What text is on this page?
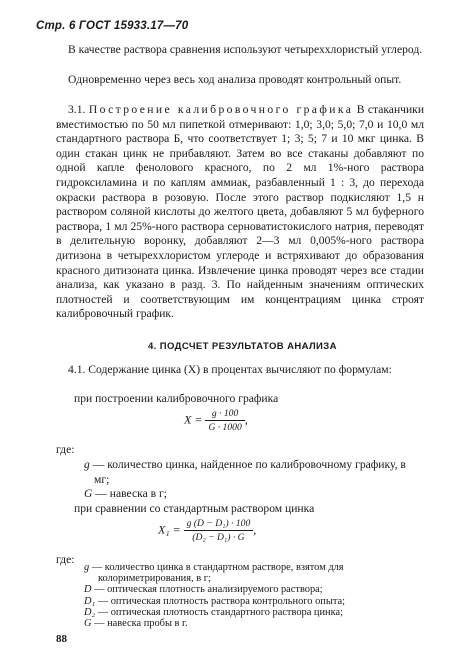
Стр. 6 ГОСТ 15933.17—70
В качестве раствора сравнения используют четыреххлористый углерод.
Одновременно через весь ход анализа проводят контрольный опыт.
3.1. Построение калибровочного графика В стаканчики вместимостью по 50 мл пипеткой отмеривают: 1,0; 3,0; 5,0; 7,0 и 10,0 мл стандартного раствора Б, что соответствует 1; 3; 5; 7 и 10 мкг цинка. В один стакан цинк не прибавляют. Затем во все стаканы добавляют по одной капле фенолового красного, по 2 мл 1%-ного раствора гидроксиламина и по каплям аммиак, разбавленный 1 : 3, до перехода окраски раствора в розовую. После этого раствор подкисляют 1,5 н раствором соляной кислоты до желтого цвета, добавляют 5 мл буферного раствора, 1 мл 25%-ного раствора серноватистокислого натрия, переводят в делительную воронку, добавляют 2—3 мл 0,005%-ного раствора дитизона в четыреххлористом углероде и встряхивают до образования красного дитизоната цинка. Извлечение цинка проводят через все стадии анализа, как указано в разд. 3. По найденным значениям оптических плотностей и соответствующим им концентрациям цинка строят калибровочный график.
4. ПОДСЧЕТ РЕЗУЛЬТАТОВ АНАЛИЗА
4.1. Содержание цинка (X) в процентах вычисляют по формулам:
при построении калибровочного графика
$X = \frac{g \cdot 100}{G \cdot 1000}$ ,
где:
g — количество цинка, найденное по калибровочному графику, в мг;
G — навеска в г;
при сравнении со стандартным раствором цинка
$X_1 = \frac{\text{g (D − D₁) · 100}}{\text{(D₂ − D₁) · G}}$ ,
где:
g — количество цинка в стандартном растворе, взятом для колориметрирования, в г;
D — оптическая плотность анализируемого раствора;
D₁ — оптическая плотность раствора контрольного опыта;
D₂ — оптическая плотность стандартного раствора цинка;
G — навеска пробы в г.
88
